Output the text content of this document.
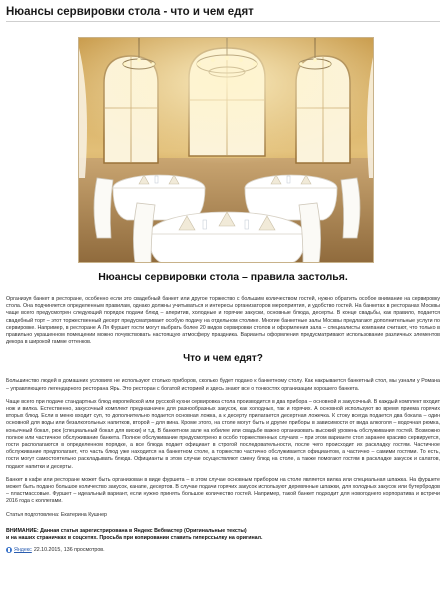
Нюансы сервировки стола - что и чем едят
Нюансы сервировки стола – правила застолья.

Организуя банкет в ресторане, особенно если это свадебный банкет или другое торжество с большим количеством гостей, нужно обратить особое внимание на сервировку стола. Она подчиняется определенным правилам, однако должны учитываться и интересы организаторов мероприятия, и удобство гостей. На банкетах в ресторанах Москвы чаще всего предусмотрен следующий порядок подачи блюд – аперитив, холодные и горячие закуски, основные блюда, десерты. В конце свадьбы, как правило, подается свадебный торт – этот торжественный десерт предусматривает особую подачу на отдельном столике. Многие банкетные залы Москвы предлагают дополнительные услуги по сервировке. Например, в ресторане А Ля Фуршет гости могут выбрать более 20 видов сервировки столов и оформления зала – специалисты компании считают, что только в правильно украшенном помещении можно почувствовать настоящую атмосферу праздника. Варианты оформления предусматривают использование различных элементов декора в широкой гамме оттенков.

Что и чем едят?

Большинство людей в домашних условиях не используют столько приборов, сколько будет подано к банкетному столу. Как накрывается банкетный стол, мы узнали у Романа – управляющего легендарного ресторана Ярь. Это ресторан с богатой историей и здесь знают все о тонкостях организации хорошего банкета.

Чаще всего при подаче стандартных блюд европейской или русской кухни сервировка стола производится в два прибора – основной и закусочный. В каждый комплект входит нож и вилка. Естественно, закусочный комплект предназначен для разнообразных закусок, как холодных, так и горячих. А основной используют во время приема горячих вторых блюд. Если в меню входит суп, то дополнительно подается основная ложка, а к десерту прилагается десертная ложечка. К стоку всегда подается два бокала – один основной для воды или безалкогольных напитков, второй – для вина. Кроме этого, на столе могут быть и другие приборы в зависимости от вида алкоголя – водочная рюмка, коньячный бокал, рюк (специальный бокал для виски) и т.д. В банкетном зале на юбилее или свадьбе важно организовать высокий уровень обслуживания гостей. Возможно полное или частичное обслуживание банкета. Полное обслуживание предусмотрено в особо торжественных случаях – при этом варианте стол заранее красиво сервируется, гости располагаются в определенном порядке, а все блюда подает официант в строгой последовательности, после чего происходит их раскладку гостям. Частичное обслуживание предполагает, что часть блюд уже находится на банкетном столе, а торжество частично обслуживается официантом, а частично – самими гостями. То есть, гости могут самостоятельно раскладывать блюда. Официанты в этом случае осуществляют смену блюд на столе, а также помогают гостям в раскладке закусок и салатов, подают напитки и десерты.

Банкет в кафе или ресторане может быть организован в виде фуршета – в этом случае основным прибором на столе является вилка или специальная шпажка. На фуршете может быть подано большое количество закусок, канапе, десертов. В случае подачи горячих закусок используют деревянные шпажки, для холодных закусок или бутербродов – пластмассовые. Фуршет – идеальный вариант, если нужно принять большое количество гостей. Например, такой банкет подходит для новогоднего корпоратива и встречи 2016 года с коллегами.

Статья подготовлена: Екатерина Кушнер
ВНИМАНИЕ: Данная статья зарегистрирована в Яндекс Вебмастер (Оригинальные тексты)
и на наших страничках в соцсетях. Просьба при копировании ставить гиперссылку на оригинал.
Яндекс 22.10.2015, 136 просмотров.
